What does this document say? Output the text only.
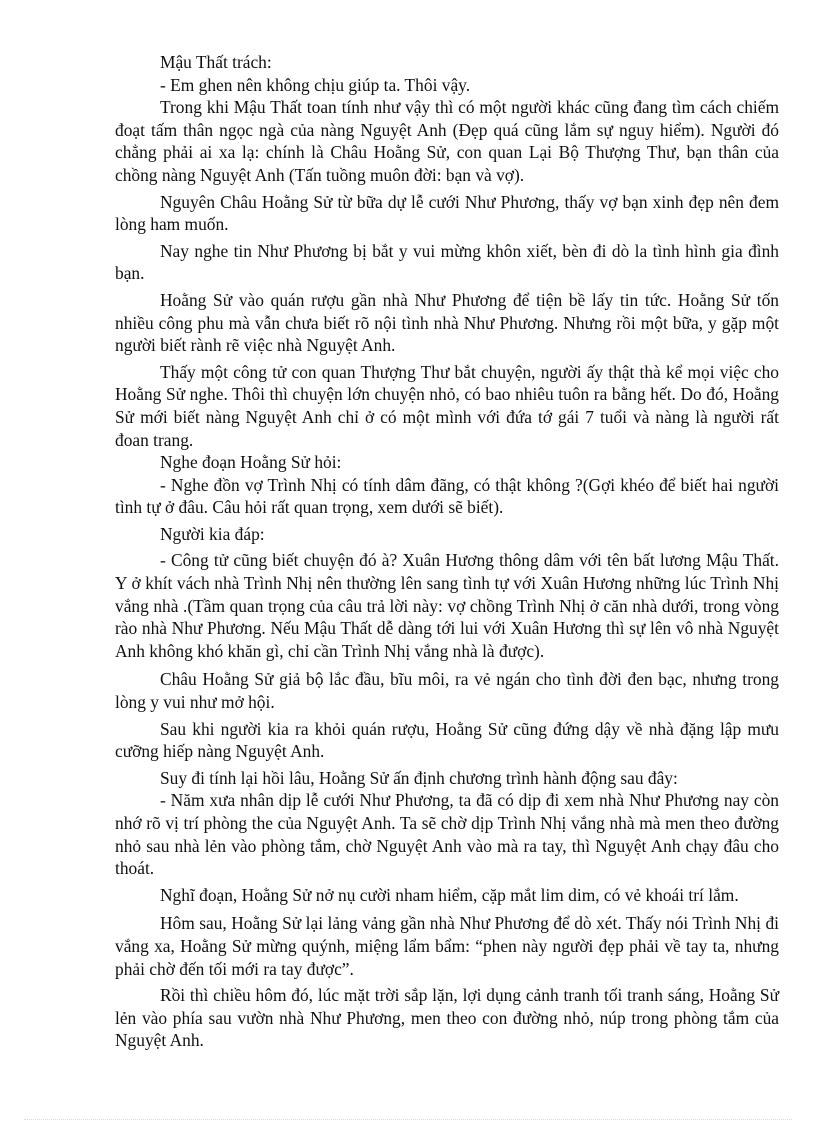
Mậu Thất trách:

- Em ghen nên không chịu giúp ta. Thôi vậy.

Trong khi Mậu Thất toan tính như vậy thì có một người khác cũng đang tìm cách chiếm đoạt tấm thân ngọc ngà của nàng Nguyệt Anh (Đẹp quá cũng lắm sự nguy hiểm). Người đó chẳng phải ai xa lạ: chính là Châu Hoằng Sử, con quan Lại Bộ Thượng Thư, bạn thân của chồng nàng Nguyệt Anh (Tấn tuồng muôn đời: bạn và vợ).

Nguyên Châu Hoằng Sử từ bữa dự lễ cưới Như Phương, thấy vợ bạn xinh đẹp nên đem lòng ham muốn.

Nay nghe tin Như Phương bị bắt y vui mừng khôn xiết, bèn đi dò la tình hình gia đình bạn.

Hoằng Sử vào quán rượu gần nhà Như Phương để tiện bề lấy tin tức. Hoằng Sử tốn nhiều công phu mà vẫn chưa biết rõ nội tình nhà Như Phương. Nhưng rồi một bữa, y gặp một người biết rành rẽ việc nhà Nguyệt Anh.

Thấy một công tử con quan Thượng Thư bắt chuyện, người ấy thật thà kể mọi việc cho Hoằng Sử nghe. Thôi thì chuyện lớn chuyện nhỏ, có bao nhiêu tuôn ra bằng hết. Do đó, Hoằng Sử mới biết nàng Nguyệt Anh chỉ ở có một mình với đứa tớ gái 7 tuổi và nàng là người rất đoan trang.

Nghe đoạn Hoằng Sử hỏi:

- Nghe đồn vợ Trình Nhị có tính dâm đãng, có thật không ?(Gợi khéo để biết hai người tình tự ở đâu. Câu hỏi rất quan trọng, xem dưới sẽ biết).

Người kia đáp:

- Công tử cũng biết chuyện đó à? Xuân Hương thông dâm với tên bất lương Mậu Thất. Y ở khít vách nhà Trình Nhị nên thường lên sang tình tự với Xuân Hương những lúc Trình Nhị vắng nhà .(Tầm quan trọng của câu trả lời này: vợ chồng Trình Nhị ở căn nhà dưới, trong vòng rào nhà Như Phương. Nếu Mậu Thất dễ dàng tới lui với Xuân Hương thì sự lên vô nhà Nguyệt Anh không khó khăn gì, chỉ cần Trình Nhị vắng nhà là được).

Châu Hoằng Sử giả bộ lắc đầu, bĩu môi, ra vẻ ngán cho tình đời đen bạc, nhưng trong lòng y vui như mở hội.

Sau khi người kia ra khỏi quán rượu, Hoằng Sử cũng đứng dậy về nhà đặng lập mưu cưỡng hiếp nàng Nguyệt Anh.

Suy đi tính lại hồi lâu, Hoằng Sử ấn định chương trình hành động sau đây:

- Năm xưa nhân dịp lễ cưới Như Phương, ta đã có dịp đi xem nhà Như Phương nay còn nhớ rõ vị trí phòng the của Nguyệt Anh. Ta sẽ chờ dịp Trình Nhị vắng nhà mà men theo đường nhỏ sau nhà lẻn vào phòng tắm, chờ Nguyệt Anh vào mà ra tay, thì Nguyệt Anh chạy đâu cho thoát.

Nghĩ đoạn, Hoằng Sử nở nụ cười nham hiểm, cặp mắt lim dim, có vẻ khoái trí lắm.

Hôm sau, Hoằng Sử lại lảng vảng gần nhà Như Phương để dò xét. Thấy nói Trình Nhị đi vắng xa, Hoằng Sử mừng quýnh, miệng lẩm bẩm: “phen này người đẹp phải về tay ta, nhưng phải chờ đến tối mới ra tay được”.

Rồi thì chiều hôm đó, lúc mặt trời sắp lặn, lợi dụng cảnh tranh tối tranh sáng, Hoằng Sử lẻn vào phía sau vườn nhà Như Phương, men theo con đường nhỏ, núp trong phòng tắm của Nguyệt Anh.
